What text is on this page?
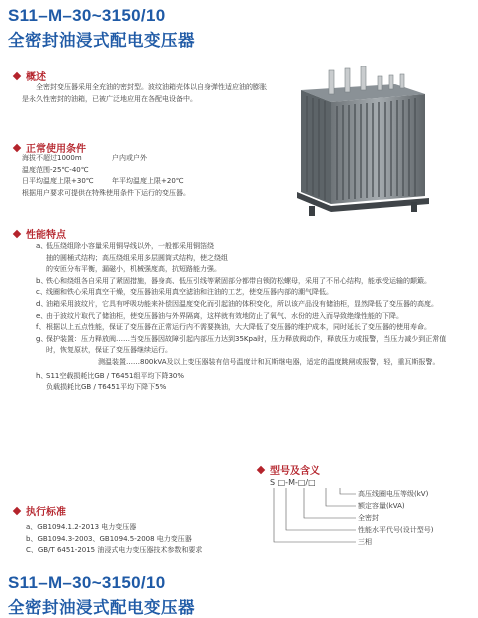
S11–M–30~3150/10
全密封油浸式配电变压器
概述
全密封变压器采用全充油的密封型。波纹油箱壳体以自身弹性适应油的膨胀是永久性密封的油箱，已被广泛地应用在各配电设备中。
正常使用条件
海拔不超过1000m	户内或户外
温度范围-25℃-40℃
日平均温度上限+30℃	年平均温度上限+20℃
根据用户要求可提供在特殊使用条件下运行的变压器。
性能特点
a、
低压绕组除小容量采用铜导线以外，一般都采用铜箔绕
抽的圆桶式结构；高压绕组采用多层圆筒式结构，使之绕组
的安匝分布平衡，漏磁小，机械强度高，抗短路能力强。
b、
铁心和绕组各自采用了紧固措施，器身高、低压引线等紧固部分都带自锁防松螺母，采用了不吊心结构，能承受运输的颠簸。
c、 线圈和铁心采用真空干燥，变压器油采用真空滤油和注油的工艺，使变压器内部的潮气降低。
d、
油箱采用波纹片，它具有呼吸功能来补偿因温度变化而引起油的体积变化，所以该产品没有储油柜，显然降低了变压器的高度。
e、
由于波纹片取代了储油柜，使变压器油与外界隔离，这样就有效地防止了氧气、水份的进入而导致绝缘性能的下降。
f、 根据以上五点性能，保证了变压器在正常运行内不需要换油，大大降低了变压器的维护成本，同时延长了变压器的使用寿命。
g、
保护装置：压力释放阀……当变压器因故障引起内部压力达到35Kpa时，压力释放阀动作，释放压力或报警，当压力减少到正常值时，恢复原状，保证了变压器继续运行。
测温装置……800kVA及以上变压器装有信号温度计和瓦斯继电器，适定的温度跳闸或报警，轻，重瓦斯报警。
h、
S11空载损耗比GB / T6451组平均下降30%
负载损耗比GB / T6451平均下降下5%
执行标准
a、GB1094.1.2-2013 电力变压器
b、GB1094.3-2003、GB1094.5-2008 电力变压器
C、GB/T 6451-2015 油浸式电力变压器技术参数和要求
型号及含义
S □-M-□/□
高压线圈电压等级(kV)
额定容量(kVA)
全密封
性能水平代号(设计型号)
三相
S11–M–30~3150/10
全密封油浸式配电变压器
